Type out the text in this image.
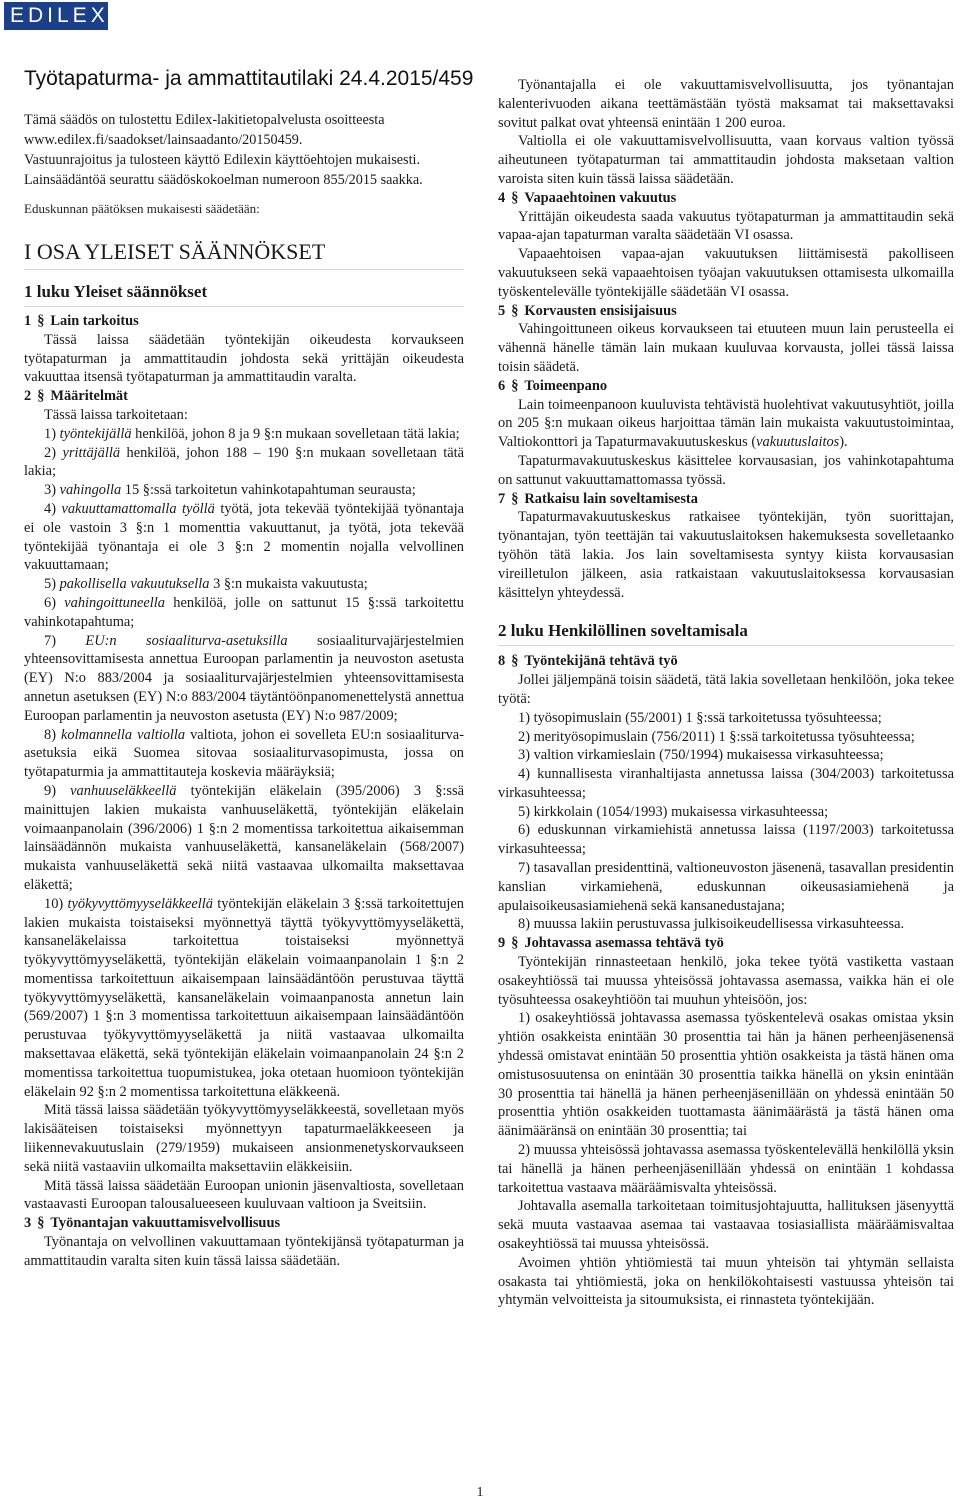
EDILEX
Työtapaturma- ja ammattitautilaki 24.4.2015/459
Tämä säädös on tulostettu Edilex-lakitietopalvelusta osoitteesta
www.edilex.fi/saadokset/lainsaadanto/20150459.
Vastuunrajoitus ja tulosteen käyttö Edilexin käyttöehtojen mukaisesti.
Lainsäädäntöä seurattu säädöskokoelman numeroon 855/2015 saakka.
Eduskunnan päätöksen mukaisesti säädetään:
I OSA YLEISET SÄÄNNÖKSET
1 luku Yleiset säännökset

1 § Lain tarkoitus

Tässä laissa säädetään työntekijän oikeudesta korvaukseen työtapaturman ja ammattitaudin johdosta sekä yrittäjän oikeudesta vakuuttaa itsensä työtapaturman ja ammattitaudin varalta.

2 § Määritelmät

Tässä laissa tarkoitetaan:

1) työntekijällä henkilöä, johon 8 ja 9 §:n mukaan sovelletaan tätä lakia;

2) yrittäjällä henkilöä, johon 188 – 190 §:n mukaan sovelletaan tätä lakia;

3) vahingolla 15 §:ssä tarkoitetun vahinkotapahtuman seurausta;

4) vakuuttamattomalla työllä työtä, jota tekevää työntekijää työnantaja ei ole vastoin 3 §:n 1 momenttia vakuuttanut, ja työtä, jota tekevää työntekijää työnantaja ei ole 3 §:n 2 momentin nojalla velvollinen vakuuttamaan;

5) pakollisella vakuutuksella 3 §:n mukaista vakuutusta;

6) vahingoittuneella henkilöä, jolle on sattunut 15 §:ssä tarkoitettu vahinkotapahtuma;

7) EU:n sosiaaliturva-asetuksilla sosiaaliturvajärjestelmien yhteensovittamisesta annettua Euroopan parlamentin ja neuvoston asetusta (EY) N:o 883/2004 ja sosiaaliturvajärjestelmien yhteensovittamisesta annetun asetuksen (EY) N:o 883/2004 täytäntöönpanomenettelystä annettua Euroopan parlamentin ja neuvoston asetusta (EY) N:o 987/2009;

8) kolmannella valtiolla valtiota, johon ei sovelleta EU:n sosiaaliturva-asetuksia eikä Suomea sitovaa sosiaaliturvasopimusta, jossa on työtapaturmia ja ammattitauteja koskevia määräyksiä;

9) vanhuuseläkkeellä työntekijän eläkelain (395/2006) 3 §:ssä mainittujen lakien mukaista vanhuuseläkettä, työntekijän eläkelain voimaanpanolain (396/2006) 1 §:n 2 momentissa tarkoitettua aikaisemman lainsäädännön mukaista vanhuuseläkettä, kansaneläkelain (568/2007) mukaista vanhuuseläkettä sekä niitä vastaavaa ulkomailta maksettavaa eläkettä;

10) työkyvyttömyyseläkkeellä työntekijän eläkelain 3 §:ssä tarkoitettujen lakien mukaista toistaiseksi myönnettyä täyttä työkyvyttömyyseläkettä, kansaneläkelaissa tarkoitettua toistaiseksi myönnettyä työkyvyttömyyseläkettä, työntekijän eläkelain voimaanpanolain 1 §:n 2 momentissa tarkoitettuun aikaisempaan lainsäädäntöön perustuvaa täyttä työkyvyttömyyseläkettä, kansaneläkelain voimaanpanosta annetun lain (569/2007) 1 §:n 3 momentissa tarkoitettuun aikaisempaan lainsäädäntöön perustuvaa työkyvyttömyyseläkettä ja niitä vastaavaa ulkomailta maksettavaa eläkettä, sekä työntekijän eläkelain voimaanpanolain 24 §:n 2 momentissa tarkoitettua tuopumistukea, joka otetaan huomioon työntekijän eläkelain 92 §:n 2 momentissa tarkoitettuna eläkkeenä.

Mitä tässä laissa säädetään työkyvyttömyyseläkkeestä, sovelletaan myös lakisääteisen toistaiseksi myönnettyyn tapaturmaeläkkeeseen ja liikennevakuutuslain (279/1959) mukaiseen ansionmenetyskorvaukseen sekä niitä vastaaviin ulkomailta maksettaviin eläkkeisiin.

Mitä tässä laissa säädetään Euroopan unionin jäsenvaltiosta, sovelletaan vastaavasti Euroopan talousalueeseen kuuluvaan valtioon ja Sveitsiin.

3 § Työnantajan vakuuttamisvelvollisuus

Työnantaja on velvollinen vakuuttamaan työntekijänsä työtapaturman ja ammattitaudin varalta siten kuin tässä laissa säädetään.

Työnantajalla ei ole vakuuttamisvelvollisuutta, jos työnantajan kalenterivuoden aikana teettämästään työstä maksamat tai maksettavaksi sovitut palkat ovat yhteensä enintään 1 200 euroa.

Valtiolla ei ole vakuuttamisvelvollisuutta, vaan korvaus valtion työssä aiheutuneen työtapaturman tai ammattitaudin johdosta maksetaan valtion varoista siten kuin tässä laissa säädetään.

4 § Vapaaehtoinen vakuutus

Yrittäjän oikeudesta saada vakuutus työtapaturman ja ammattitaudin sekä vapaa-ajan tapaturman varalta säädetään VI osassa.

Vapaaehtoisen vapaa-ajan vakuutuksen liittämisestä pakolliseen vakuutukseen sekä vapaaehtoisen työajan vakuutuksen ottamisesta ulkomailla työskentelevälle työntekijälle säädetään VI osassa.

5 § Korvausten ensisijaisuus

Vahingoittuneen oikeus korvaukseen tai etuuteen muun lain perusteella ei vähennä hänelle tämän lain mukaan kuuluvaa korvausta, jollei tässä laissa toisin säädetä.

6 § Toimeenpano

Lain toimeenpanoon kuuluvista tehtävistä huolehtivat vakuutusyhtiöt, joilla on 205 §:n mukaan oikeus harjoittaa tämän lain mukaista vakuutustoimintaa, Valtiokonttori ja Tapaturmavakuutuskeskus (vakuutuslaitos).

Tapaturmavakuutuskeskus käsittelee korvausasian, jos vahinkotapahtuma on sattunut vakuuttamattomassa työssä.

7 § Ratkaisu lain soveltamisesta

Tapaturmavakuutuskeskus ratkaisee työntekijän, työn suorittajan, työnantajan, työn teettäjän tai vakuutuslaitoksen hakemuksesta sovelletaanko työhön tätä lakia. Jos lain soveltamisesta syntyy kiista korvausasian vireilletulon jälkeen, asia ratkaistaan vakuutuslaitoksessa korvausasian käsittelyn yhteydessä.

2 luku Henkilöllinen soveltamisala

8 § Työntekijänä tehtävä työ

Jollei jäljempänä toisin säädetä, tätä lakia sovelletaan henkilöön, joka tekee työtä:

1) työsopimuslain (55/2001) 1 §:ssä tarkoitetussa työsuhteessa;

2) merityösopimuslain (756/2011) 1 §:ssä tarkoitetussa työsuhteessa;

3) valtion virkamieslain (750/1994) mukaisessa virkasuhteessa;

4) kunnallisesta viranhaltijasta annetussa laissa (304/2003) tarkoitetussa virkasuhteessa;

5) kirkkolain (1054/1993) mukaisessa virkasuhteessa;

6) eduskunnan virkamiehistä annetussa laissa (1197/2003) tarkoitetussa virkasuhteessa;

7) tasavallan presidenttinä, valtioneuvoston jäsenenä, tasavallan presidentin kanslian virkamiehenä, eduskunnan oikeusasiamiehenä ja apulaisoikeusasiamiehenä sekä kansanedustajana;

8) muussa lakiin perustuvassa julkisoikeudellisessa virkasuhteessa.

9 § Johtavassa asemassa tehtävä työ

Työntekijän rinnasteetaan henkilö, joka tekee työtä vastiketta vastaan osakeyhtiössä tai muussa yhteisössä johtavassa asemassa, vaikka hän ei ole työsuhteessa osakeyhtiöön tai muuhun yhteisöön, jos:

1) osakeyhtiössä johtavassa asemassa työskentelevä osakas omistaa yksin yhtiön osakkeista enintään 30 prosenttia tai hän ja hänen perheenjäsenensä yhdessä omistavat enintään 50 prosenttia yhtiön osakkeista ja tästä hänen oma omistusosuutensa on enintään 30 prosenttia taikka hänellä on yksin enintään 30 prosenttia tai hänellä ja hänen perheenjäsenillään on yhdessä enintään 50 prosenttia yhtiön osakkeiden tuottamasta äänimäärästä ja tästä hänen oma äänimääränsä on enintään 30 prosenttia; tai

2) muussa yhteisössä johtavassa asemassa työskentelevällä henkilöllä yksin tai hänellä ja hänen perheenjäsenillään yhdessä on enintään 1 kohdassa tarkoitettua vastaava määräämisvalta yhteisössä.

Johtavalla asemalla tarkoitetaan toimitusjohtajuutta, hallituksen jäsenyyttä sekä muuta vastaavaa asemaa tai vastaavaa tosiasiallista määräämisvaltaa osakeyhtiössä tai muussa yhteisössä.

Avoimen yhtiön yhtiömiestä tai muun yhteisön tai yhtymän sellaista osakasta tai yhtiömiestä, joka on henkilökohtaisesti vastuussa yhteisön tai yhtymän velvoitteista ja sitoumuksista, ei rinnasteta työntekijään.

1
